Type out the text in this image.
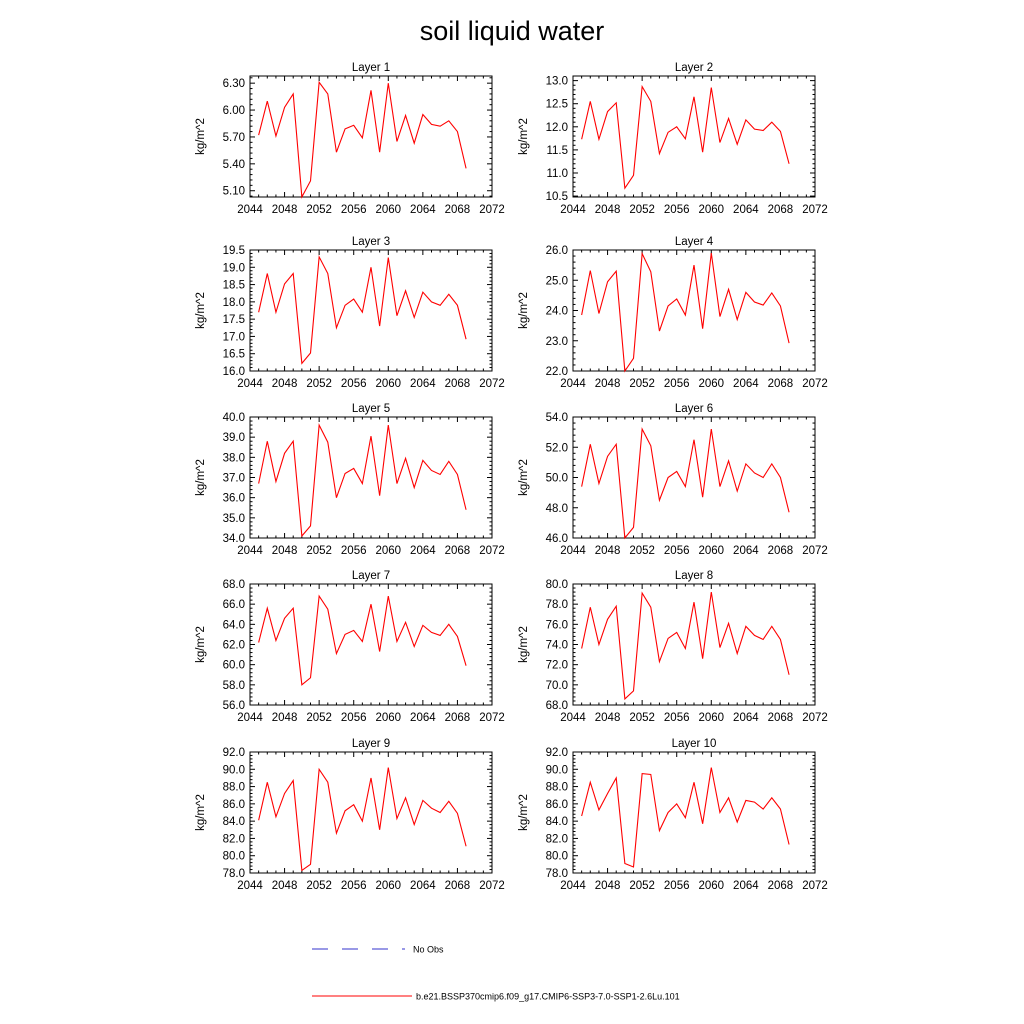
soil liquid water
No Obs
b.e21.BSSP370cmip6.f09_g17.CMIP6-SSP3-7.0-SSP1-2.6Lu.101
Layer 1
2044 2048 2052 2056 2060 2064 2068 2072
5.10
5.40
5.70
6.00
6.30
kg/m^2
Layer 2
2044 2048 2052 2056 2060 2064 2068 2072
10.5
11.0
11.5
12.0
12.5
13.0
kg/m^2
Layer 3
2044 2048 2052 2056 2060 2064 2068 2072
16.0
16.5
17.0
17.5
18.0
18.5
19.0
19.5
kg/m^2
Layer 4
2044 2048 2052 2056 2060 2064 2068 2072
22.0
23.0
24.0
25.0
26.0
kg/m^2
Layer 5
2044 2048 2052 2056 2060 2064 2068 2072
34.0
35.0
36.0
37.0
38.0
39.0
40.0
kg/m^2
Layer 6
2044 2048 2052 2056 2060 2064 2068 2072
46.0
48.0
50.0
52.0
54.0
kg/m^2
Layer 7
2044 2048 2052 2056 2060 2064 2068 2072
56.0
58.0
60.0
62.0
64.0
66.0
68.0
kg/m^2
Layer 8
2044 2048 2052 2056 2060 2064 2068 2072
68.0
70.0
72.0
74.0
76.0
78.0
80.0
kg/m^2
Layer 9
2044 2048 2052 2056 2060 2064 2068 2072
78.0
80.0
82.0
84.0
86.0
88.0
90.0
92.0
kg/m^2
Layer 10
2044 2048 2052 2056 2060 2064 2068 2072
78.0
80.0
82.0
84.0
86.0
88.0
90.0
92.0
kg/m^2
